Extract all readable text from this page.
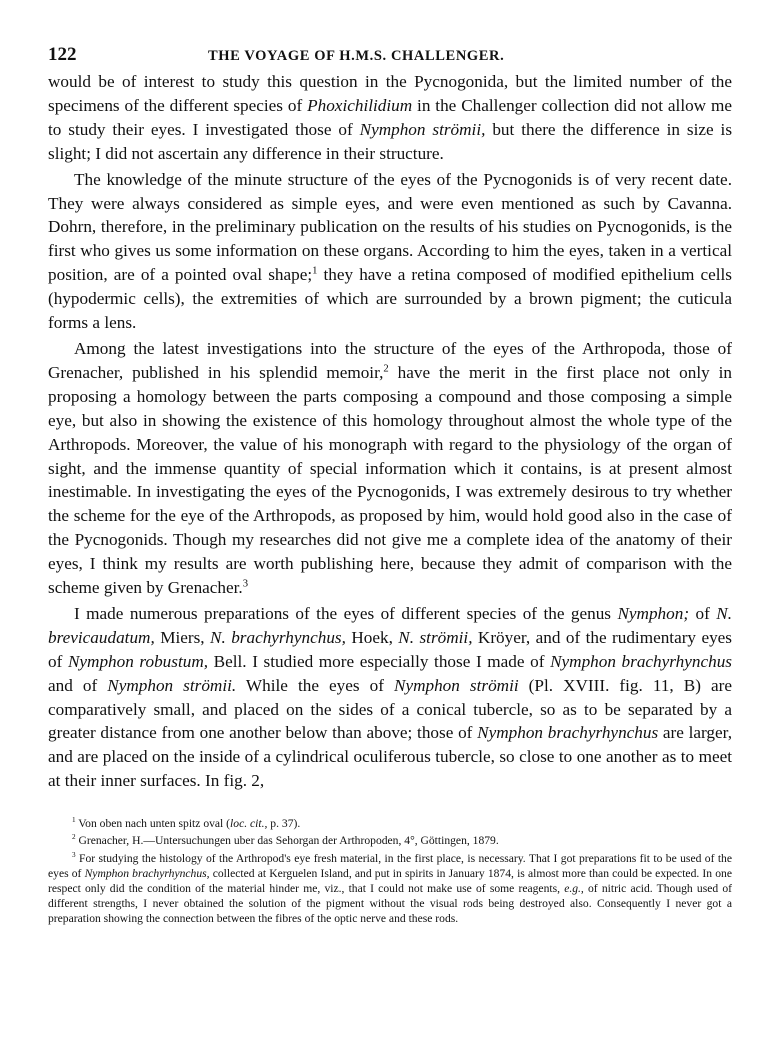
122	THE VOYAGE OF H.M.S. CHALLENGER.

would be of interest to study this question in the Pycnogonida, but the limited number of the specimens of the different species of Phoxichilidium in the Challenger collection did not allow me to study their eyes. I investigated those of Nymphon strömii, but there the difference in size is slight; I did not ascertain any difference in their structure.

The knowledge of the minute structure of the eyes of the Pycnogonids is of very recent date. They were always considered as simple eyes, and were even mentioned as such by Cavanna. Dohrn, therefore, in the preliminary publication on the results of his studies on Pycnogonids, is the first who gives us some information on these organs. According to him the eyes, taken in a vertical position, are of a pointed oval shape;$^1$ they have a retina composed of modified epithelium cells (hypodermic cells), the extremities of which are surrounded by a brown pigment; the cuticula forms a lens.

Among the latest investigations into the structure of the eyes of the Arthropoda, those of Grenacher, published in his splendid memoir,$^2$ have the merit in the first place not only in proposing a homology between the parts composing a compound and those composing a simple eye, but also in showing the existence of this homology throughout almost the whole type of the Arthropods. Moreover, the value of his monograph with regard to the physiology of the organ of sight, and the immense quantity of special information which it contains, is at present almost inestimable. In investigating the eyes of the Pycnogonids, I was extremely desirous to try whether the scheme for the eye of the Arthropods, as proposed by him, would hold good also in the case of the Pycnogonids. Though my researches did not give me a complete idea of the anatomy of their eyes, I think my results are worth publishing here, because they admit of comparison with the scheme given by Grenacher.$^3$

I made numerous preparations of the eyes of different species of the genus Nymphon; of N. brevicaudatum, Miers, N. brachyrhynchus, Hoek, N. strömii, Kröyer, and of the rudimentary eyes of Nymphon robustum, Bell. I studied more especially those I made of Nymphon brachyrhynchus and of Nymphon strömii. While the eyes of Nymphon strömii (Pl. XVIII. fig. 11, B) are comparatively small, and placed on the sides of a conical tubercle, so as to be separated by a greater distance from one another below than above; those of Nymphon brachyrhynchus are larger, and are placed on the inside of a cylindrical oculiferous tubercle, so close to one another as to meet at their inner surfaces. In fig. 2,

$^1$ Von oben nach unten spitz oval (loc. cit., p. 37).

$^2$ Grenacher, H.—Untersuchungen uber das Sehorgan der Arthropoden, 4°, Göttingen, 1879.

$^3$ For studying the histology of the Arthropod's eye fresh material, in the first place, is necessary. That I got preparations fit to be used of the eyes of Nymphon brachyrhynchus, collected at Kerguelen Island, and put in spirits in January 1874, is almost more than could be expected. In one respect only did the condition of the material hinder me, viz., that I could not make use of some reagents, e.g., of nitric acid. Though used of different strengths, I never obtained the solution of the pigment without the visual rods being destroyed also. Consequently I never got a preparation showing the connection between the fibres of the optic nerve and these rods.
